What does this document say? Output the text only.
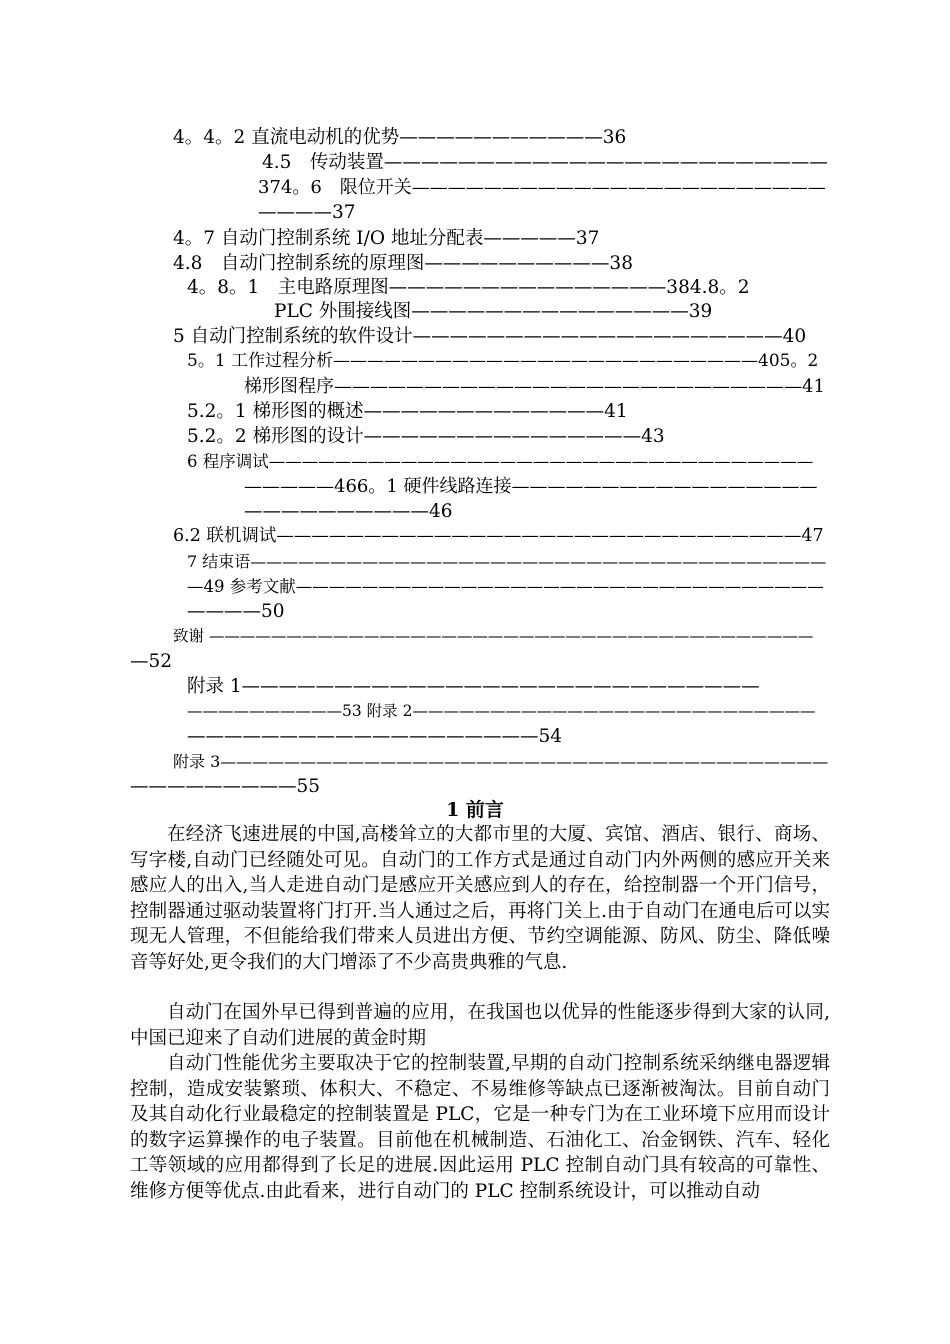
4。4。2 直流电动机的优势———————————36
4.5　传动装置————————————————————————
374。6　限位开关———————————————————————
————37
4。7 自动门控制系统 I/O 地址分配表—————37
4.8　自动门控制系统的原理图——————————38
4。8。1　主电路原理图———————————————384.8。2
PLC 外围接线图———————————————39
5 自动门控制系统的软件设计————————————————————40
5。1 工作过程分析—————————————————————————405。2
梯形图程序——————————————————————————41
5.2。1 梯形图的概述—————————————41
5.2。2 梯形图的设计———————————————43
6 程序调试—————————————————————————————————
—————466。1 硬件线路连接—————————————————
——————————46
6.2 联机调试——————————————————————————————47
7 结束语————————————————————————————————————
—49 参考文献————————————————————————————————
————50
致谢 ———————————————————————————————————————
—52
附录 1————————————————————————————
——————————53 附录 2——————————————————————————
———————————————————54
附录 3——————————————————————————————————————
—————————55
1 前言
在经济飞速进展的中国,高楼耸立的大都市里的大厦、宾馆、酒店、银行、商场、写字楼,自动门已经随处可见。自动门的工作方式是通过自动门内外两侧的感应开关来感应人的出入,当人走进自动门是感应开关感应到人的存在，给控制器一个开门信号，控制器通过驱动装置将门打开.当人通过之后，再将门关上.由于自动门在通电后可以实现无人管理，不但能给我们带来人员进出方便、节约空调能源、防风、防尘、降低噪音等好处,更令我们的大门增添了不少高贵典雅的气息.
自动门在国外早已得到普遍的应用，在我国也以优异的性能逐步得到大家的认同,中国已迎来了自动们进展的黄金时期
自动门性能优劣主要取决于它的控制装置,早期的自动门控制系统采纳继电器逻辑控制，造成安装繁琐、体积大、不稳定、不易维修等缺点已逐渐被淘汰。目前自动门及其自动化行业最稳定的控制装置是 PLC，它是一种专门为在工业环境下应用而设计的数字运算操作的电子装置。目前他在机械制造、石油化工、冶金钢铁、汽车、轻化工等领域的应用都得到了长足的进展.因此运用 PLC 控制自动门具有较高的可靠性、维修方便等优点.由此看来，进行自动门的 PLC 控制系统设计，可以推动自动
